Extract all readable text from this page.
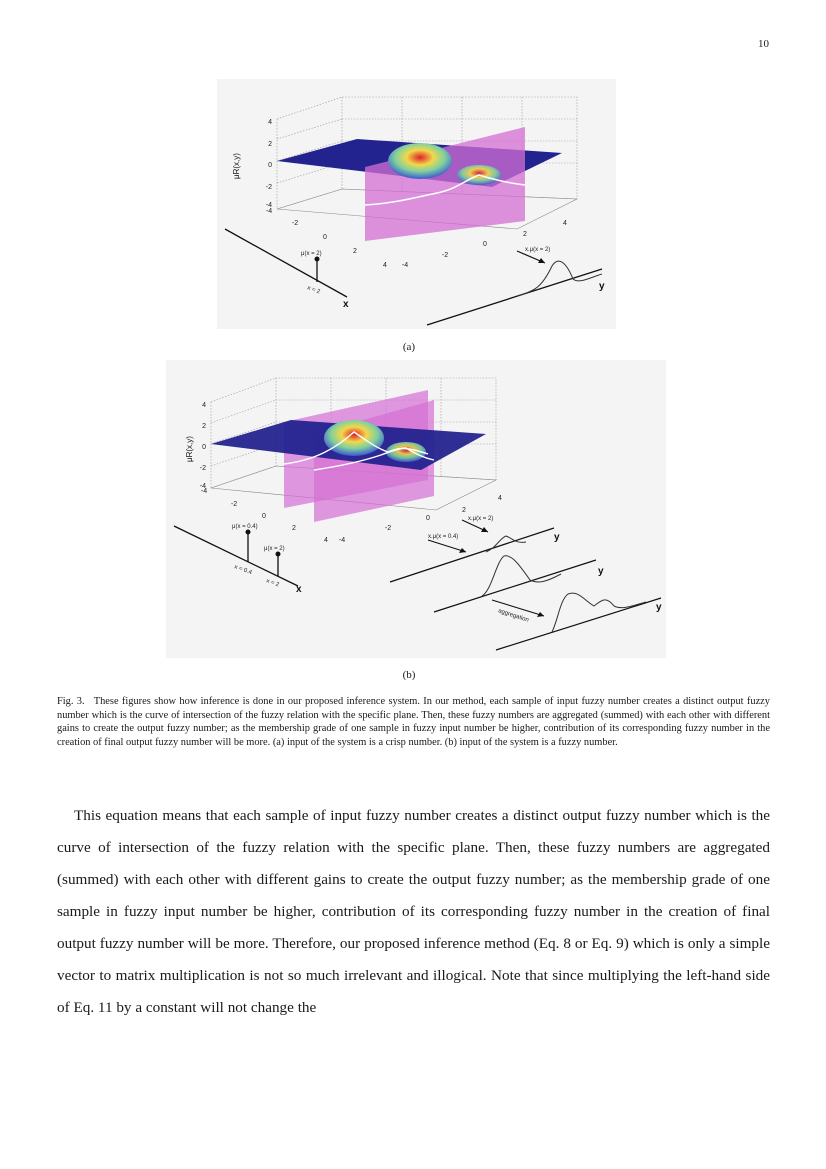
10
4
2
0
-2
-4
-4
-2
0
2
4 -4
-2
0
2
4
μR(x,y)
μ(x = 2)
x = 2
x
x.μ(x = 2)
y
(a)
4
2
0
-2
-4
-4
-2
0
2
4 -4
-2
0
2
4
μR(x,y)
μ(x = 0.4)
μ(x = 2)
x = 0.4
x = 2
x
x.μ(x = 2)
y
x.μ(x = 0.4)
y
aggregation
y
(b)
Fig. 3. These figures show how inference is done in our proposed inference system. In our method, each sample of input fuzzy number creates a distinct output fuzzy number which is the curve of intersection of the fuzzy relation with the specific plane. Then, these fuzzy numbers are aggregated (summed) with each other with different gains to create the output fuzzy number; as the membership grade of one sample in fuzzy input number be higher, contribution of its corresponding fuzzy number in the creation of final output fuzzy number will be more. (a) input of the system is a crisp number. (b) input of the system is a fuzzy number.

This equation means that each sample of input fuzzy number creates a distinct output fuzzy number which is the curve of intersection of the fuzzy relation with the specific plane. Then, these fuzzy numbers are aggregated (summed) with each other with different gains to create the output fuzzy number; as the membership grade of one sample in fuzzy input number be higher, contribution of its corresponding fuzzy number in the creation of final output fuzzy number will be more. Therefore, our proposed inference method (Eq. 8 or Eq. 9) which is only a simple vector to matrix multiplication is not so much irrelevant and illogical. Note that since multiplying the left-hand side of Eq. 11 by a constant will not change the
